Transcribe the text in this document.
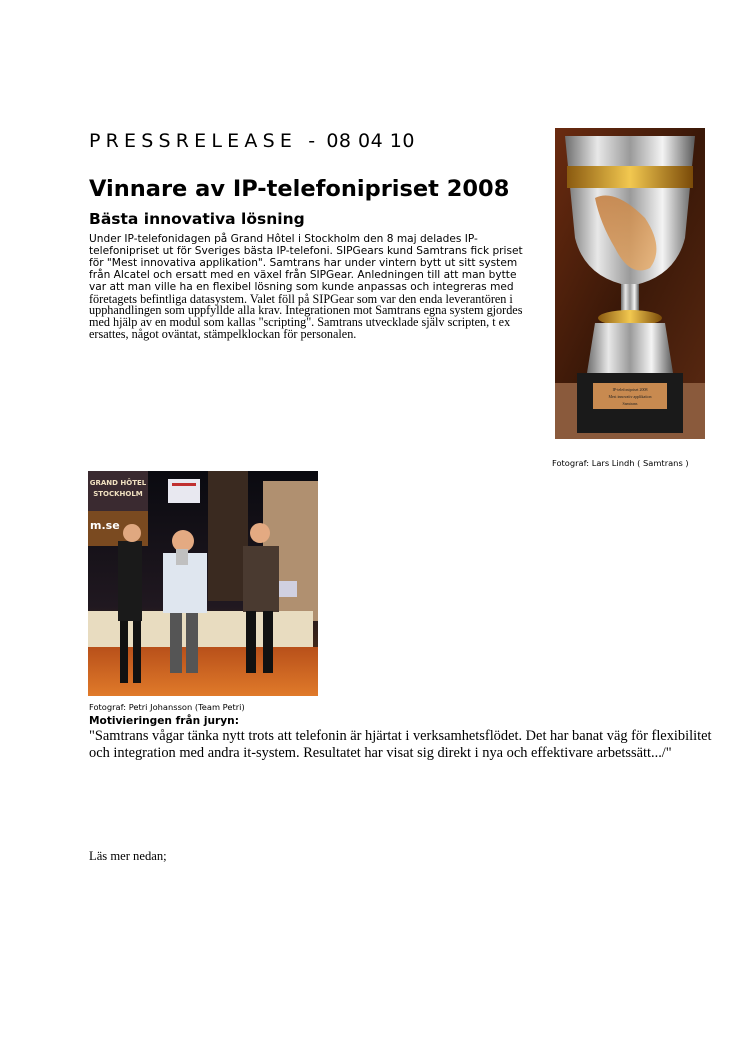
PRESSRELEASE - 08 04 10
Vinnare av IP-telefonipriset 2008
Bästa innovativa lösning
Under IP-telefonidagen på Grand Hôtel i Stockholm den 8 maj delades IP-
telefonipriset ut för Sveriges bästa IP-telefoni. SIPGears kund Samtrans fick priset
för "Mest innovativa applikation". Samtrans har under vintern bytt ut sitt system
från Alcatel och ersatt med en växel från SIPGear. Anledningen till att man bytte
var att man ville ha en flexibel lösning som kunde anpassas och integreras med
företagets befintliga datasystem. Valet föll på SIPGear som var den enda leverantören i
upphandlingen som uppfyllde alla krav. Integrationen mot Samtrans egna system gjordes
med hjälp av en modul som kallas "scripting". Samtrans utvecklade själv scripten, t ex
ersattes, något oväntat, stämpelklockan för personalen.
IP-telefonipriset 2008
Mest innovativ applikation
Samtrans
Fotograf: Lars Lindh ( Samtrans )
GRAND HÔTEL
STOCKHOLM
m.se
Fotograf: Petri Johansson (Team Petri)
Motivieringen från juryn:
"Samtrans vågar tänka nytt trots att telefonin är hjärtat i verksamhetsflödet. Det har banat väg för flexibilitet och integration med andra it-system. Resultatet har visat sig direkt i nya och effektivare arbetssätt.../"
Läs mer nedan;
